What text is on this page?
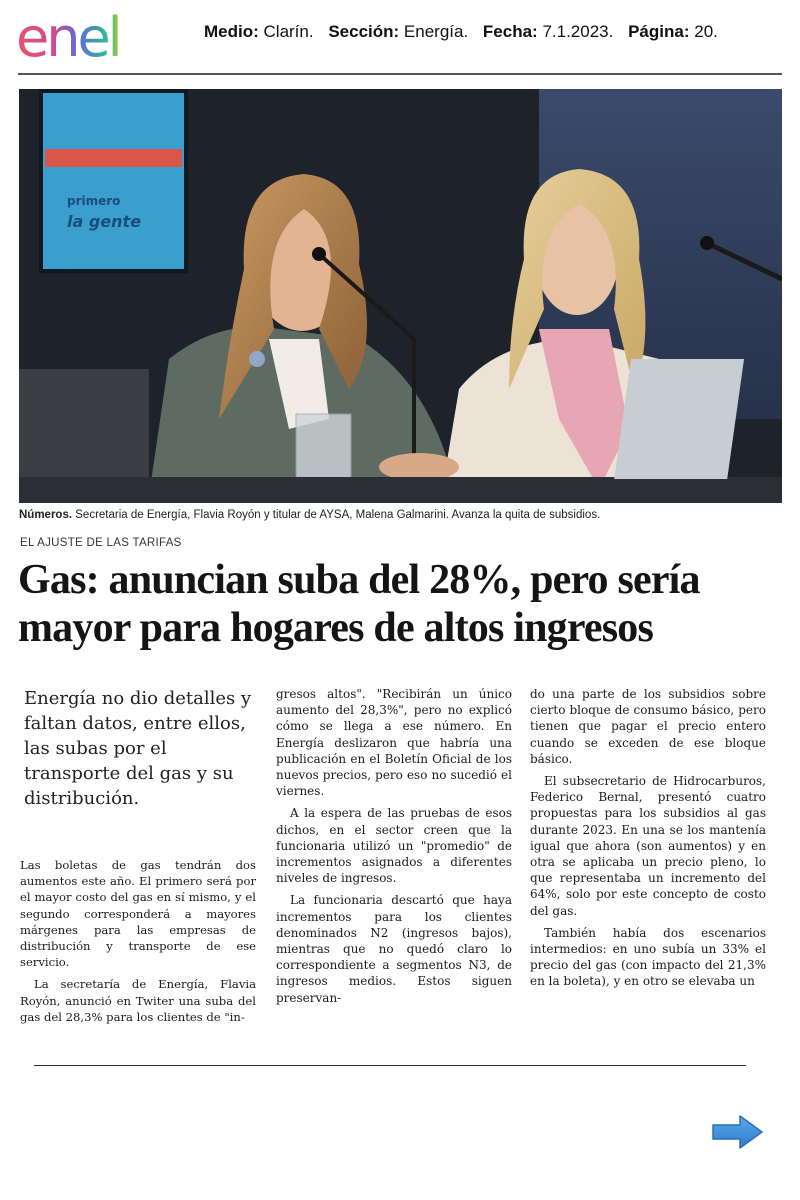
enel	Medio: Clarín. Sección: Energía. Fecha: 7.1.2023. Página: 20.
primero
la gente
Números. Secretaria de Energía, Flavia Royón y titular de AYSA, Malena Galmarini. Avanza la quita de subsidios.
EL AJUSTE DE LAS TARIFAS
Gas: anuncian suba del 28%, pero sería
mayor para hogares de altos ingresos

Energía no dio detalles y faltan datos, entre ellos, las subas por el transporte del gas y su distribución.

Las boletas de gas tendrán dos aumentos este año. El primero será por el mayor costo del gas en sí mismo, y el segundo corresponderá a mayores márgenes para las empresas de distribución y transporte de ese servicio.

La secretaría de Energía, Flavia Royón, anunció en Twiter una suba del gas del 28,3% para los clientes de "in-

gresos altos". "Recibirán un único aumento del 28,3%", pero no explicó cómo se llega a ese número. En Energía deslizaron que habría una publicación en el Boletín Oficial de los nuevos precios, pero eso no sucedió el viernes.

A la espera de las pruebas de esos dichos, en el sector creen que la funcionaria utilizó un "promedio" de incrementos asignados a diferentes niveles de ingresos.

La funcionaria descartó que haya incrementos para los clientes denominados N2 (ingresos bajos), mientras que no quedó claro lo correspondiente a segmentos N3, de ingresos medios. Estos siguen preservan-

do una parte de los subsidios sobre cierto bloque de consumo básico, pero tienen que pagar el precio entero cuando se exceden de ese bloque básico.

El subsecretario de Hidrocarburos, Federico Bernal, presentó cuatro propuestas para los subsidios al gas durante 2023. En una se los mantenía igual que ahora (son aumentos) y en otra se aplicaba un precio pleno, lo que representaba un incremento del 64%, solo por este concepto de costo del gas.

También había dos escenarios intermedios: en uno subía un 33% el precio del gas (con impacto del 21,3% en la boleta), y en otro se elevaba un
